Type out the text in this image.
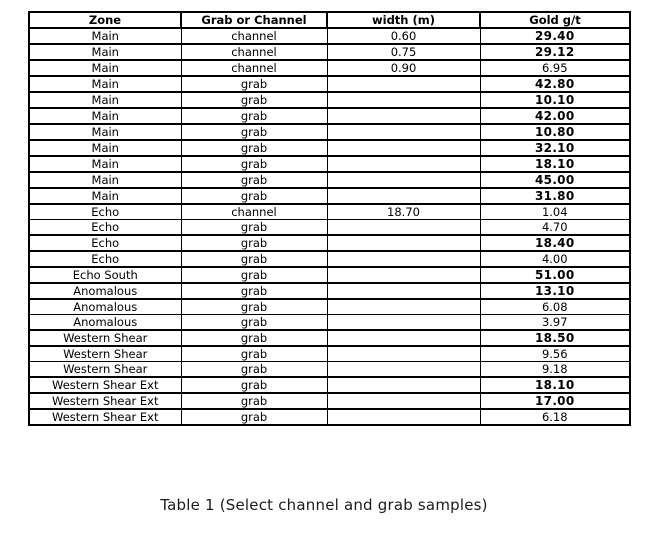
Zone	Grab or Channel	width (m)	Gold g/t
Main	channel	0.60	29.40
Main	channel	0.75	29.12
Main	channel	0.90	6.95
Main	grab		42.80
Main	grab		10.10
Main	grab		42.00
Main	grab		10.80
Main	grab		32.10
Main	grab		18.10
Main	grab		45.00
Main	grab		31.80
Echo	channel	18.70	1.04
Echo	grab		4.70
Echo	grab		18.40
Echo	grab		4.00
Echo South	grab		51.00
Anomalous	grab		13.10
Anomalous	grab		6.08
Anomalous	grab		3.97
Western Shear	grab		18.50
Western Shear	grab		9.56
Western Shear	grab		9.18
Western Shear Ext	grab		18.10
Western Shear Ext	grab		17.00
Western Shear Ext	grab		6.18
Table 1 (Select channel and grab samples)
